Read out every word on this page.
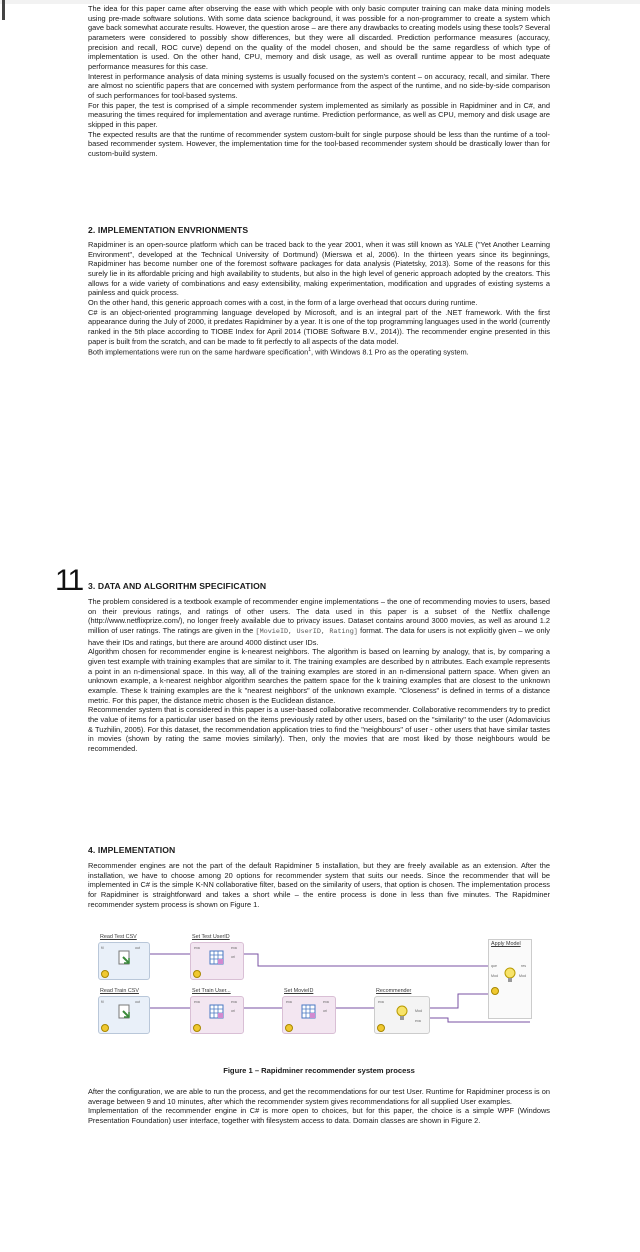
The idea for this paper came after observing the ease with which people with only basic computer training can make data mining models using pre-made software solutions. With some data science background, it was possible for a non-programmer to create a system which gave back somewhat accurate results. However, the question arose – are there any drawbacks to creating models using these tools? Several parameters were considered to possibly show differences, but they were all discarded. Prediction performance measures (accuracy, precision and recall, ROC curve) depend on the quality of the model chosen, and should be the same regardless of which type of implementation is used. On the other hand, CPU, memory and disk usage, as well as overall runtime appear to be most adequate performance measures for this case.

Interest in performance analysis of data mining systems is usually focused on the system's content – on accuracy, recall, and similar. There are almost no scientific papers that are concerned with system performance from the aspect of the runtime, and no side-by-side comparison of such performances for tool-based systems.

For this paper, the test is comprised of a simple recommender system implemented as similarly as possible in Rapidminer and in C#, and measuring the times required for implementation and average runtime. Prediction performance, as well as CPU, memory and disk usage are skipped in this paper.

The expected results are that the runtime of recommender system custom-built for single purpose should be less than the runtime of a tool-based recommender system. However, the implementation time for the tool-based recommender system should be drastically lower than for custom-build system.

2. IMPLEMENTATION ENVRIONMENTS

Rapidminer is an open-source platform which can be traced back to the year 2001, when it was still known as YALE ("Yet Another Learning Environment", developed at the Technical University of Dortmund) (Mierswa et al, 2006). In the thirteen years since its beginnings, Rapidminer has become number one of the foremost software packages for data analysis (Piatetsky, 2013). Some of the reasons for this surely lie in its affordable pricing and high availability to students, but also in the high level of generic approach adopted by the creators. This allows for a wide variety of combinations and easy extensibility, making experimentation, modification and upgrades of existing systems a painless and quick process.

On the other hand, this generic approach comes with a cost, in the form of a large overhead that occurs during runtime.

C# is an object-oriented programming language developed by Microsoft, and is an integral part of the .NET framework. With the first appearance during the July of 2000, it predates Rapidminer by a year. It is one of the top programming languages used in the world (currently ranked in the 5th place according to TIOBE Index for April 2014 (TIOBE Software B.V., 2014)). The recommender engine presented in this paper is built from the scratch, and can be made to fit perfectly to all aspects of the data model.

Both implementations were run on the same hardware specification$^1$, with Windows 8.1 Pro as the operating system.

11 3. DATA AND ALGORITHM SPECIFICATION

The problem considered is a textbook example of recommender engine implementations – the one of recommending movies to users, based on their previous ratings, and ratings of other users. The data used in this paper is a subset of the Netflix challenge (http://www.netflixprize.com/), no longer freely available due to privacy issues. Dataset contains around 3000 movies, as well as around 1.2 million of user ratings. The ratings are given in the [MovieID, UserID, Rating] format. The data for users is not explicitly given – we only have their IDs and ratings, but there are around 4000 distinct user IDs.

Algorithm chosen for recommender engine is k-nearest neighbors. The algorithm is based on learning by analogy, that is, by comparing a given test example with training examples that are similar to it. The training examples are described by n attributes. Each example represents a point in an n-dimensional space. In this way, all of the training examples are stored in an n-dimensional pattern space. When given an unknown example, a k-nearest neighbor algorithm searches the pattern space for the k training examples that are closest to the unknown example. These k training examples are the k "nearest neighbors" of the unknown example. "Closeness" is defined in terms of a distance metric. For this paper, the distance metric chosen is the Euclidean distance.

Recommender system that is considered in this paper is a user-based collaborative recommender. Collaborative recommenders try to predict the value of items for a particular user based on the items previously rated by other users, based on the "similarity" to the user (Adomavicius & Tuzhilin, 2005). For this dataset, the recommendation application tries to find the "neighbours" of user - other users that have similar tastes in movies (shown by rating the same movies similarly). Then, only the movies that are most liked by those neighbours would be recommended.

4. IMPLEMENTATION

Recommender engines are not the part of the default Rapidminer 5 installation, but they are freely available as an extension. After the installation, we have to choose among 20 options for recommender system that suits our needs. Since the recommender that will be implemented in C# is the simple K-NN collaborative filter, based on the similarity of users, that option is chosen. The implementation process for Rapidminer is straightforward and takes a short while – the entire process is done in less than five minutes. The Rapidminer recommender system process is shown on Figure 1.

Read Test CSV
fil	out
Set Test UserID
exa	exa
ori
Apply Model
que	res
Mod	Mod
Read Train CSV
fil	out
Set Train User...
exa	exa
ori
Set MovieID
exa	exa
ori
Recommender
exa
Mod
exa
Figure 1 – Rapidminer recommender system process

After the configuration, we are able to run the process, and get the recommendations for our test User. Runtime for Rapidminer process is on average between 9 and 10 minutes, after which the recommender system gives recommendations for all supplied User examples.

Implementation of the recommender engine in C# is more open to choices, but for this paper, the choice is a simple WPF (Windows Presentation Foundation) user interface, together with filesystem access to data. Domain classes are shown in Figure 2.
